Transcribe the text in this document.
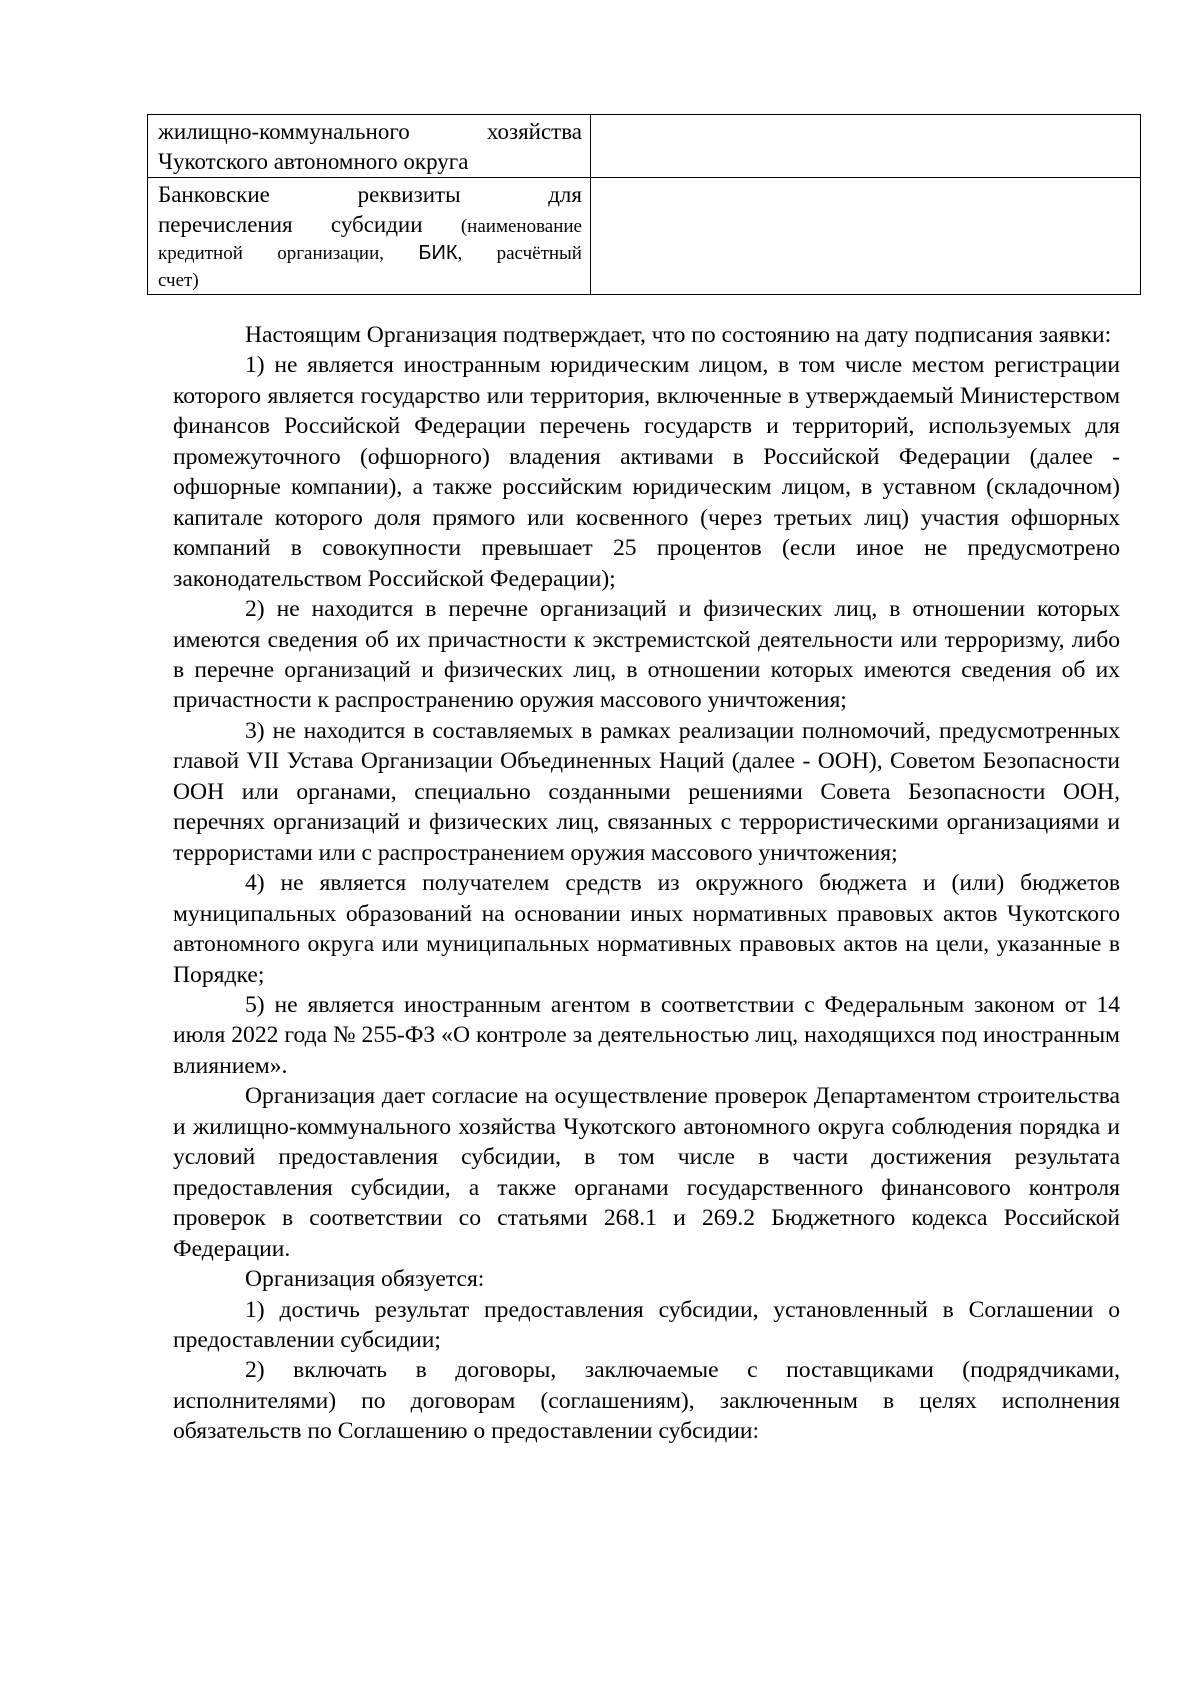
жилищно-коммунального хозяйства
Чукотского автономного округа	

Банковские реквизиты для
перечисления субсидии (наименование
кредитной организации, БИК, расчётный
счет)	

Настоящим Организация подтверждает, что по состоянию на дату подписания заявки:

1) не является иностранным юридическим лицом, в том числе местом регистрации которого является государство или территория, включенные в утверждаемый Министерством финансов Российской Федерации перечень государств и территорий, используемых для промежуточного (офшорного) владения активами в Российской Федерации (далее - офшорные компании), а также российским юридическим лицом, в уставном (складочном) капитале которого доля прямого или косвенного (через третьих лиц) участия офшорных компаний в совокупности превышает 25 процентов (если иное не предусмотрено законодательством Российской Федерации);

2) не находится в перечне организаций и физических лиц, в отношении которых имеются сведения об их причастности к экстремистской деятельности или терроризму, либо в перечне организаций и физических лиц, в отношении которых имеются сведения об их причастности к распространению оружия массового уничтожения;

3) не находится в составляемых в рамках реализации полномочий, предусмотренных главой VII Устава Организации Объединенных Наций (далее - ООН), Советом Безопасности ООН или органами, специально созданными решениями Совета Безопасности ООН, перечнях организаций и физических лиц, связанных с террористическими организациями и террористами или с распространением оружия массового уничтожения;

4) не является получателем средств из окружного бюджета и (или) бюджетов муниципальных образований на основании иных нормативных правовых актов Чукотского автономного округа или муниципальных нормативных правовых актов на цели, указанные в Порядке;

5) не является иностранным агентом в соответствии с Федеральным законом от 14 июля 2022 года № 255-ФЗ «О контроле за деятельностью лиц, находящихся под иностранным влиянием».

Организация дает согласие на осуществление проверок Департаментом строительства и жилищно-коммунального хозяйства Чукотского автономного округа соблюдения порядка и условий предоставления субсидии, в том числе в части достижения результата предоставления субсидии, а также органами государственного финансового контроля проверок в соответствии со статьями 268.1 и 269.2 Бюджетного кодекса Российской Федерации.

Организация обязуется:

1) достичь результат предоставления субсидии, установленный в Соглашении о предоставлении субсидии;

2) включать в договоры, заключаемые с поставщиками (подрядчиками, исполнителями) по договорам (соглашениям), заключенным в целях исполнения обязательств по Соглашению о предоставлении субсидии:
